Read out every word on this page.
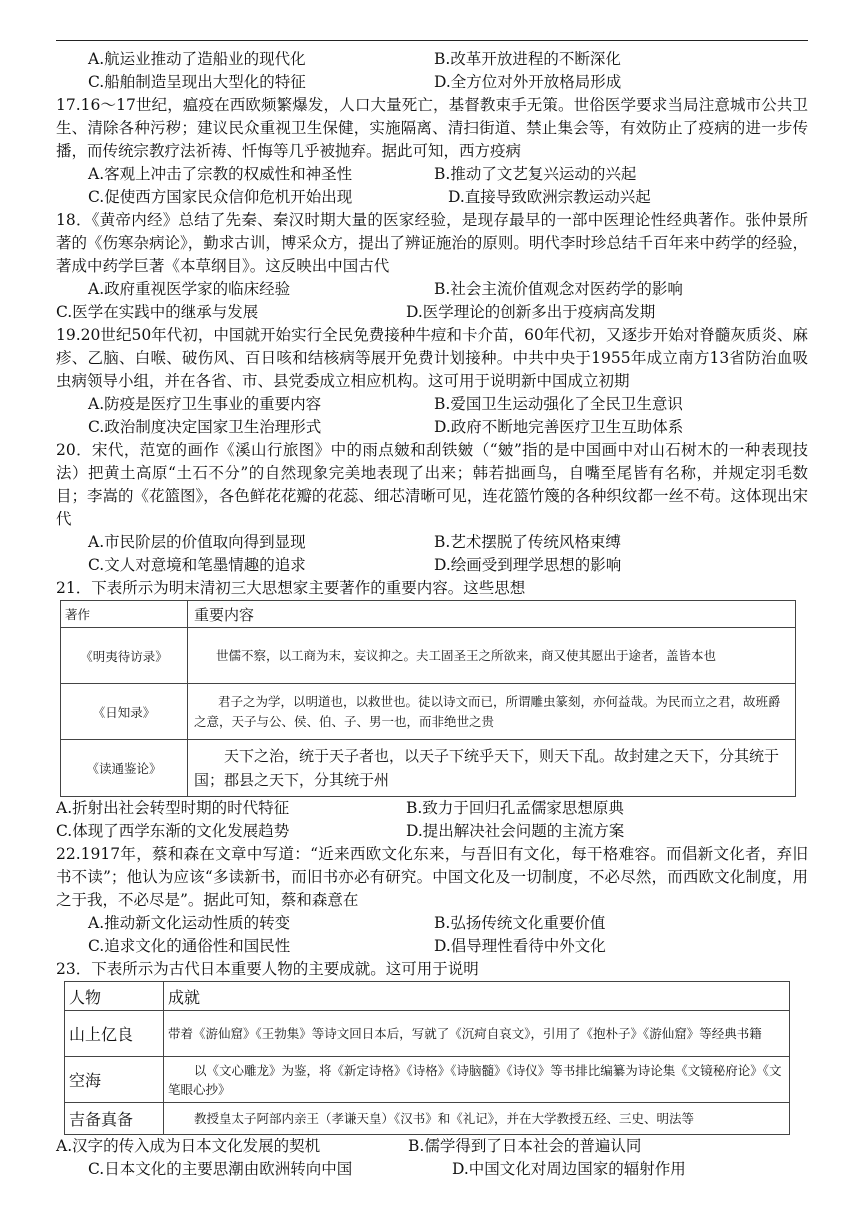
A.航运业推动了造船业的现代化	B.改革开放进程的不断深化
C.船舶制造呈现出大型化的特征	D.全方位对外开放格局形成

17.16～17世纪，瘟疫在西欧频繁爆发，人口大量死亡，基督教束手无策。世俗医学要求当局注意城市公共卫生、清除各种污秽；建议民众重视卫生保健，实施隔离、清扫街道、禁止集会等，有效防止了疫病的进一步传播，而传统宗教疗法祈祷、忏悔等几乎被抛弃。据此可知，西方疫病

A.客观上冲击了宗教的权威性和神圣性	B.推动了文艺复兴运动的兴起
C.促使西方国家民众信仰危机开始出现	D.直接导致欧洲宗教运动兴起

18．《黄帝内经》总结了先秦、秦汉时期大量的医家经验，是现存最早的一部中医理论性经典著作。张仲景所著的《伤寒杂病论》，勤求古训，博采众方，提出了辨证施治的原则。明代李时珍总结千百年来中药学的经验，著成中药学巨著《本草纲目》。这反映出中国古代

A.政府重视医学家的临床经验	B.社会主流价值观念对医药学的影响
C.医学在实践中的继承与发展	D.医学理论的创新多出于疫病高发期

19.20世纪50年代初，中国就开始实行全民免费接种牛痘和卡介苗，60年代初，又逐步开始对脊髓灰质炎、麻疹、乙脑、白喉、破伤风、百日咳和结核病等展开免费计划接种。中共中央于1955年成立南方13省防治血吸虫病领导小组，并在各省、市、县党委成立相应机构。这可用于说明新中国成立初期

A.防疫是医疗卫生事业的重要内容	B.爱国卫生运动强化了全民卫生意识
C.政治制度决定国家卫生治理形式	D.政府不断地完善医疗卫生互助体系

20．宋代，范宽的画作《溪山行旅图》中的雨点皴和刮铁皴（“皴”指的是中国画中对山石树木的一种表现技法）把黄土高原“土石不分”的自然现象完美地表现了出来；韩若拙画鸟，自嘴至尾皆有名称，并规定羽毛数目；李嵩的《花篮图》，各色鲜花花瓣的花蕊、细芯清晰可见，连花篮竹篾的各种织纹都一丝不苟。这体现出宋代

A.市民阶层的价值取向得到显现	B.艺术摆脱了传统风格束缚
C.文人对意境和笔墨情趣的追求	D.绘画受到理学思想的影响

21．下表所示为明末清初三大思想家主要著作的重要内容。这些思想

著作	重要内容
《明夷待访录》	世儒不察，以工商为末，妄议抑之。夫工固圣王之所欲来，商又使其愿出于途者，盖皆本也
《日知录》	君子之为学，以明道也，以救世也。徒以诗文而已，所谓雕虫篆刻，亦何益哉。为民而立之君，故班爵之意，天子与公、侯、伯、子、男一也，而非绝世之贵
《读通鉴论》	天下之治，统于天子者也，以天子下统乎天下，则天下乱。故封建之天下，分其统于国；郡县之天下，分其统于州
A.折射出社会转型时期的时代特征	B.致力于回归孔孟儒家思想原典
C.体现了西学东渐的文化发展趋势	D.提出解决社会问题的主流方案

22.1917年，蔡和森在文章中写道：“近来西欧文化东来，与吾旧有文化，每干格难容。而倡新文化者，弃旧书不读”；他认为应该“多读新书，而旧书亦必有研究。中国文化及一切制度，不必尽然，而西欧文化制度，用之于我，不必尽是”。据此可知，蔡和森意在

A.推动新文化运动性质的转变	B.弘扬传统文化重要价值
C.追求文化的通俗性和国民性	D.倡导理性看待中外文化

23．下表所示为古代日本重要人物的主要成就。这可用于说明

人物	成就
山上亿良	带着《游仙窟》《王勃集》等诗文回日本后，写就了《沉疴自哀文》，引用了《抱朴子》《游仙窟》等经典书籍
空海	以《文心雕龙》为鉴，将《新定诗格》《诗格》《诗脑髓》《诗仪》等书排比编纂为诗论集《文镜秘府论》《文笔眼心抄》
吉备真备	教授皇太子阿部内亲王（孝谦天皇）《汉书》和《礼记》，并在大学教授五经、三史、明法等
A.汉字的传入成为日本文化发展的契机	B.儒学得到了日本社会的普遍认同
C.日本文化的主要思潮由欧洲转向中国	D.中国文化对周边国家的辐射作用
